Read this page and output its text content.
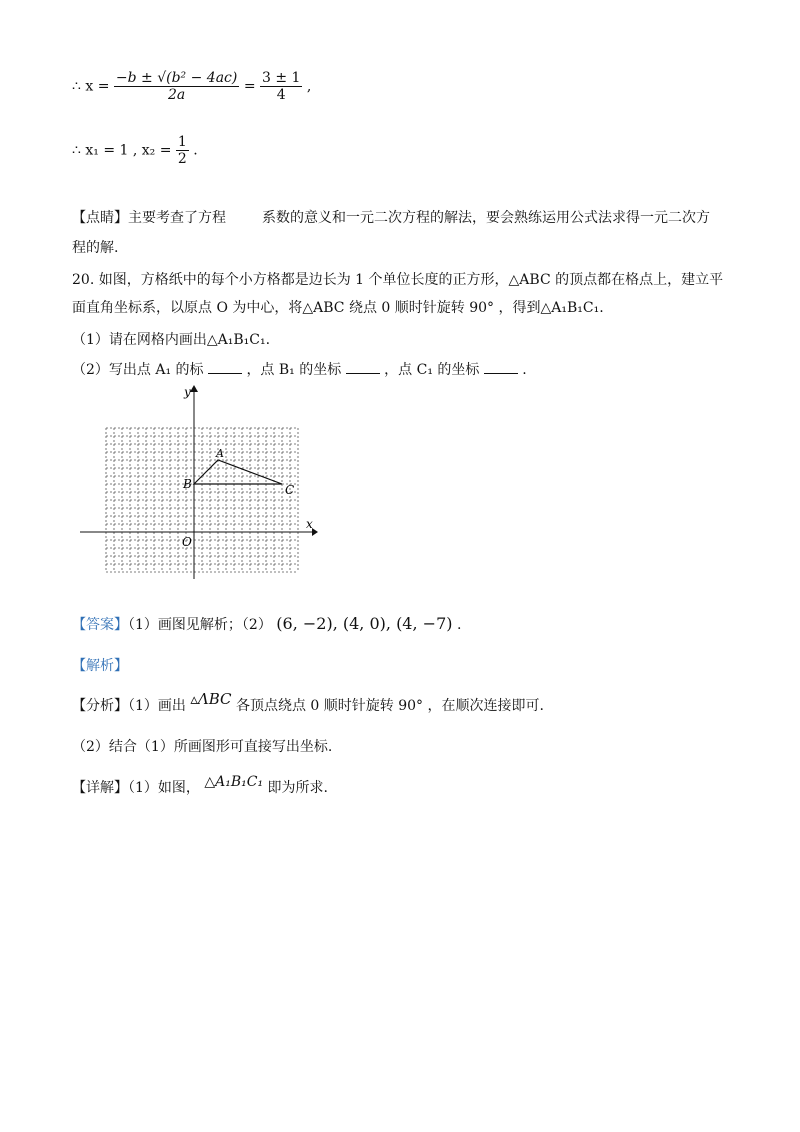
∴ $x = \frac{\text{−b ± √(b² − 4ac)}}{2a} = \frac{3 \pm 1}{4}$ ,
∴ x₁ = 1 , $x_2 = \frac{1}{2}$ .
【点睛】主要考查了方程	系数的意义和一元二次方程的解法，要会熟练运用公式法求得一元二次方
程的解.
20. 如图，方格纸中的每个小方格都是边长为 1 个单位长度的正方形，△ABC 的顶点都在格点上，建立平
面直角坐标系，以原点 O 为中心，将△ABC 绕点 0 顺时针旋转 90° ，得到△A₁B₁C₁.
（1）请在网格内画出△A₁B₁C₁.
（2）写出点 A₁ 的标	，点 B₁ 的坐标	，点 C₁ 的坐标	.
B
A
C
O
x
y
【答案】（1）画图见解析；（2） (6, −2), (4, 0), (4, −7) .
【解析】
【分析】（1）画出 ▵ΛBC 各顶点绕点 0 顺时针旋转 90° ，在顺次连接即可.
（2）结合（1）所画图形可直接写出坐标.
【详解】（1）如图， △A₁B₁C₁ 即为所求.
